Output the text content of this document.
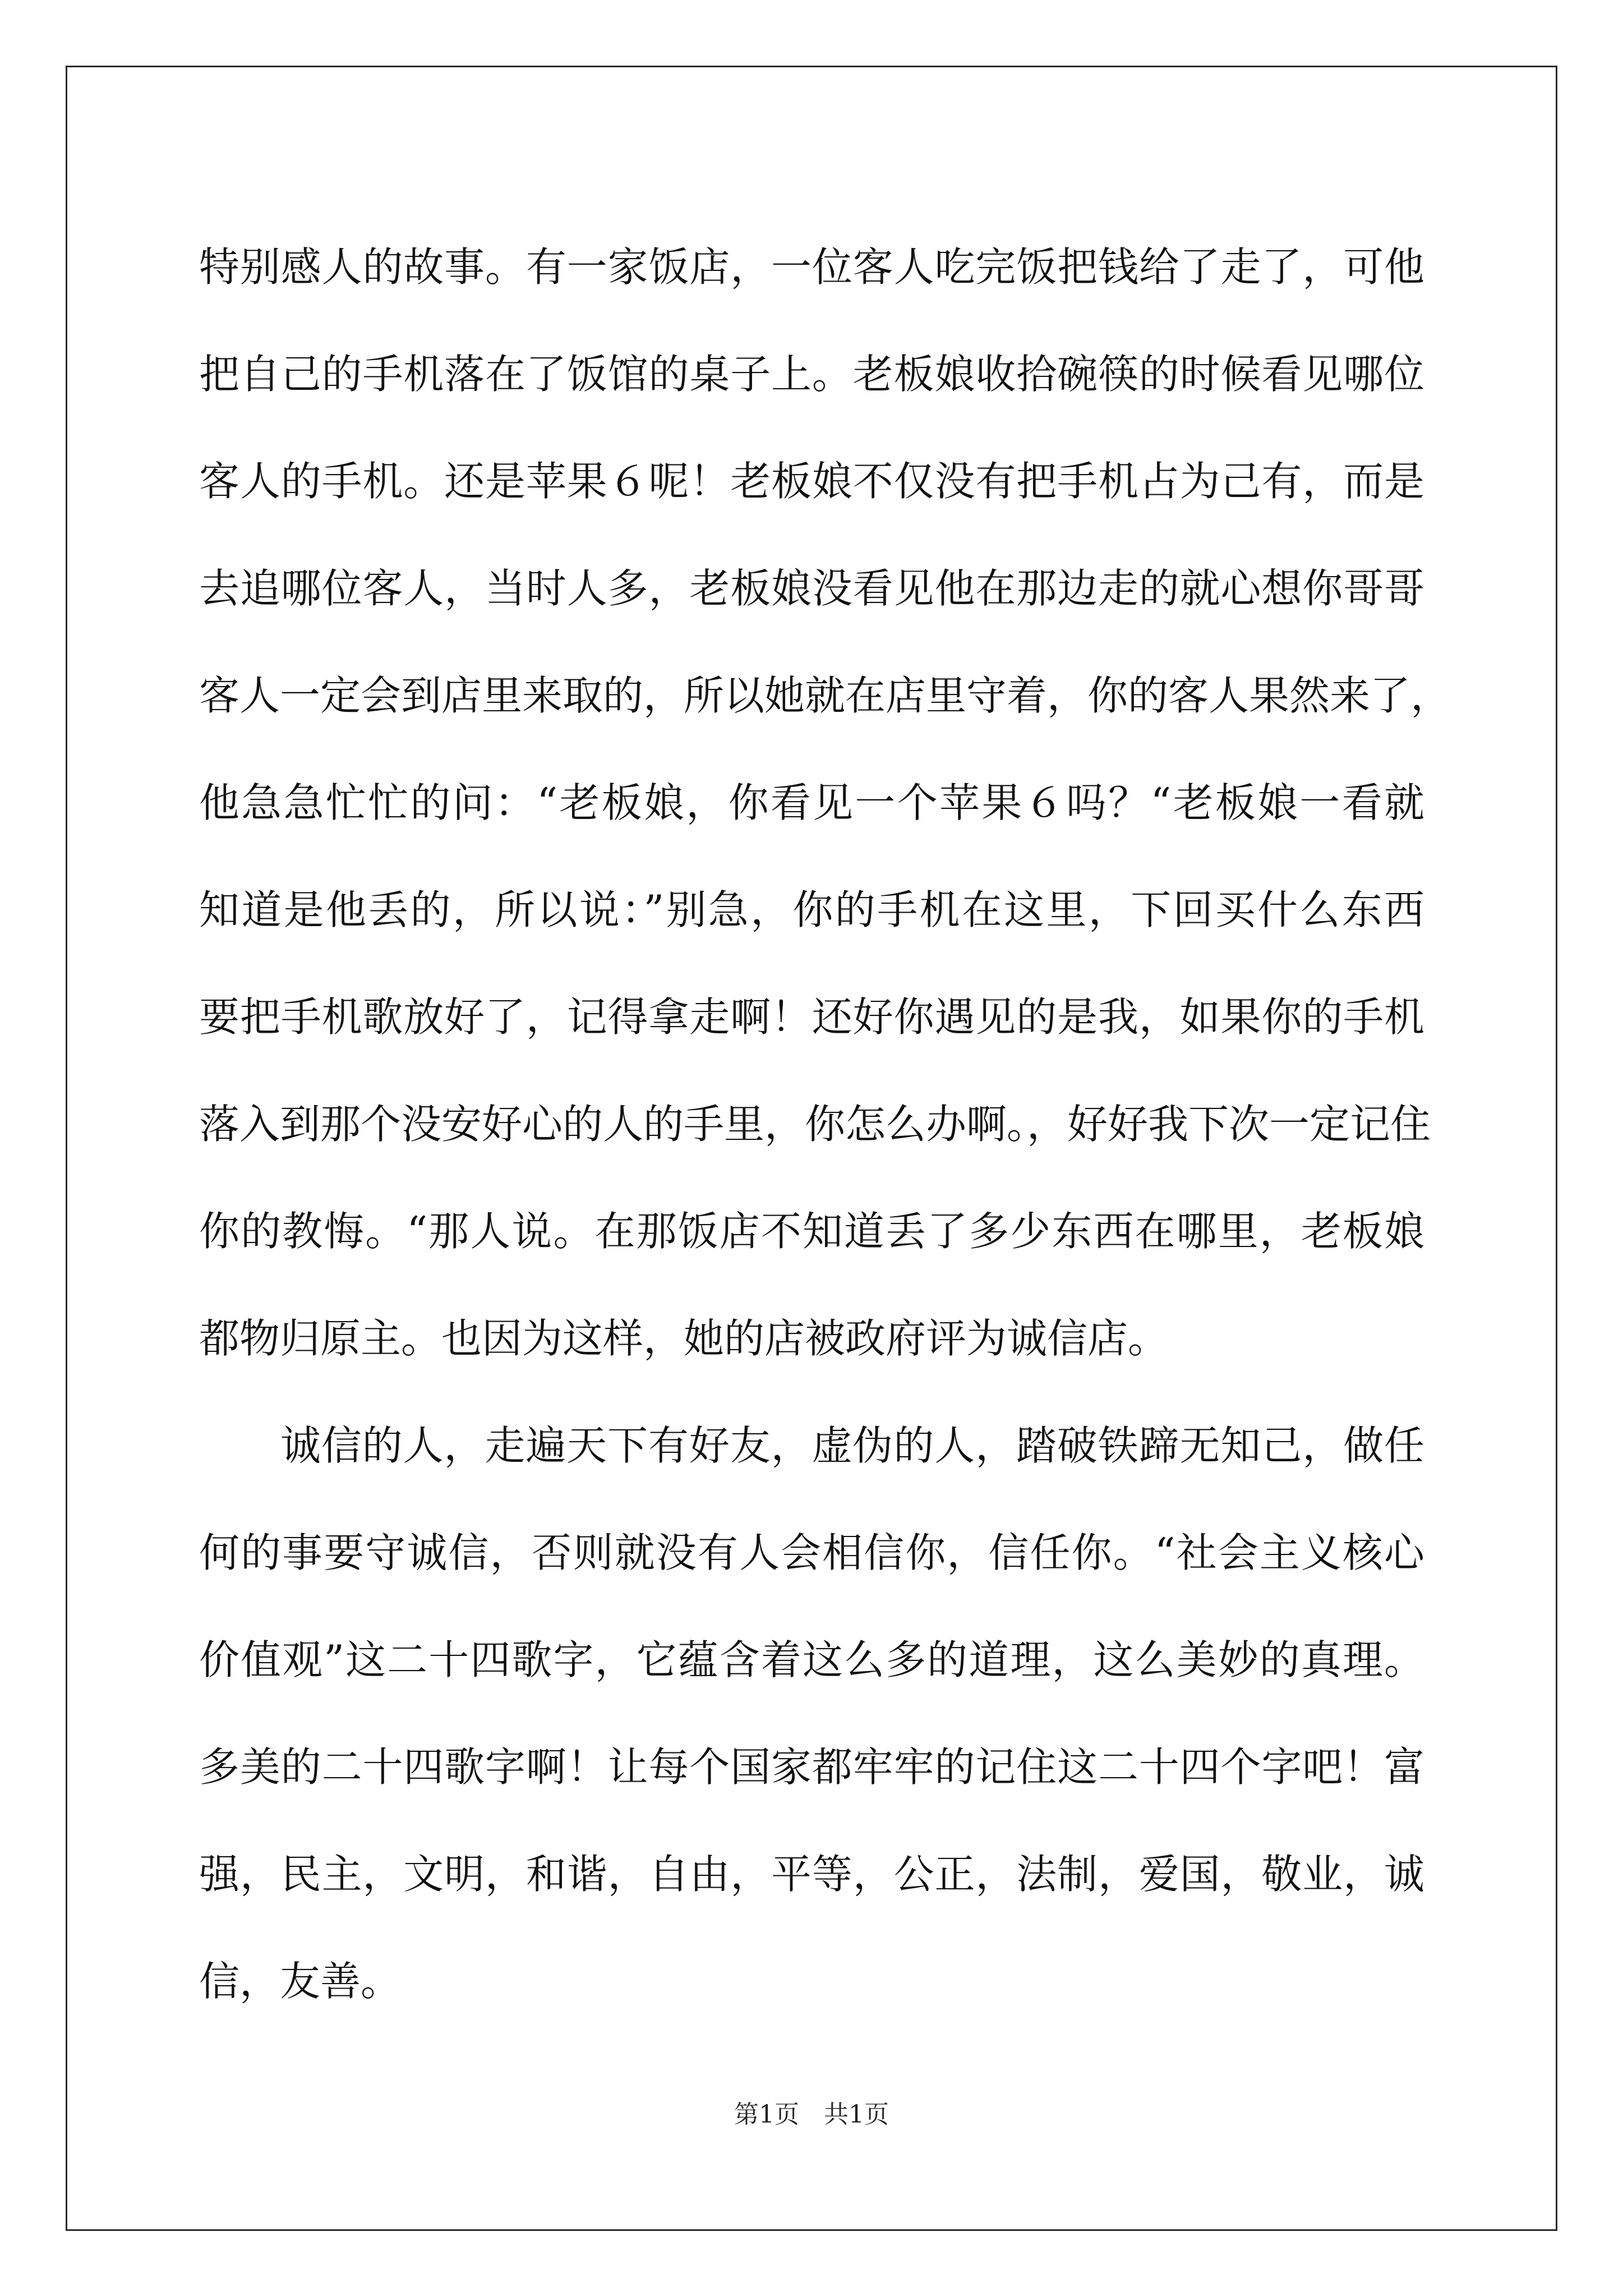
特别感人的故事。有一家饭店，一位客人吃完饭把钱给了走了，可他
把自己的手机落在了饭馆的桌子上。老板娘收拾碗筷的时候看见哪位
客人的手机。还是苹果６呢！老板娘不仅没有把手机占为己有，而是
去追哪位客人，当时人多，老板娘没看见他在那边走的就心想你哥哥
客人一定会到店里来取的，所以她就在店里守着，你的客人果然来了，
他急急忙忙的问：“老板娘，你看见一个苹果６吗？“老板娘一看就
知道是他丢的，所以说：”别急，你的手机在这里，下回买什么东西
要把手机歌放好了，记得拿走啊！还好你遇见的是我，如果你的手机
落入到那个没安好心的人的手里，你怎么办啊。，好好我下次一定记住
你的教悔。“那人说。在那饭店不知道丢了多少东西在哪里，老板娘
都物归原主。也因为这样，她的店被政府评为诚信店。
诚信的人，走遍天下有好友，虚伪的人，踏破铁蹄无知己，做任
何的事要守诚信，否则就没有人会相信你，信任你。“社会主义核心
价值观”这二十四歌字，它蕴含着这么多的道理，这么美妙的真理。
多美的二十四歌字啊！让每个国家都牢牢的记住这二十四个字吧！富
强，民主，文明，和谐，自由，平等，公正，法制，爱国，敬业，诚
信，友善。
第1页 共1页
